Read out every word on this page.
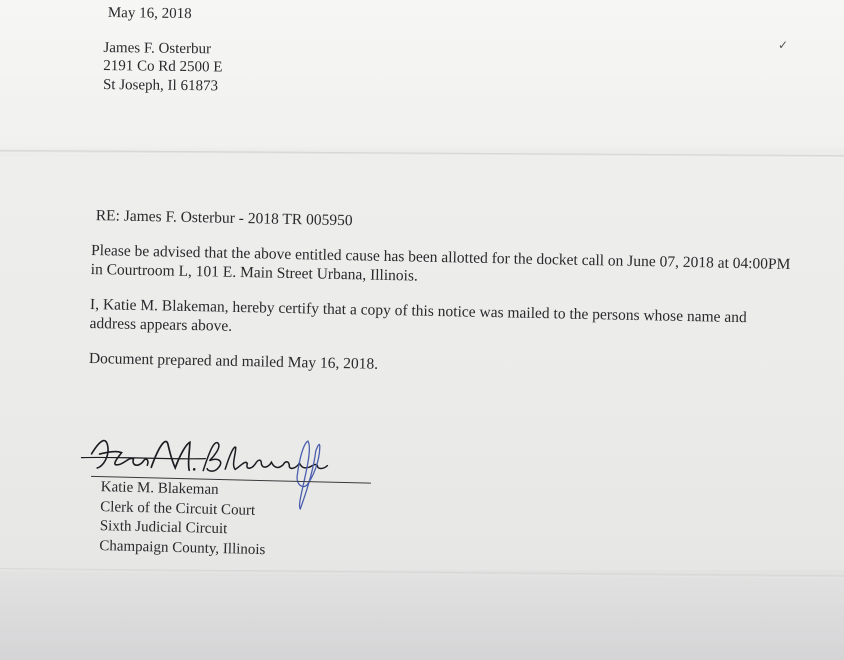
✓
May 16, 2018
James F. Osterbur
2191 Co Rd 2500 E
St Joseph, Il 61873

RE: James F. Osterbur - 2018 TR 005950

Please be advised that the above entitled cause has been allotted for the docket call on June 07, 2018 at 04:00PM in Courtroom L, 101 E. Main Street Urbana, Illinois.

I, Katie M. Blakeman, hereby certify that a copy of this notice was mailed to the persons whose name and address appears above.

Document prepared and mailed May 16, 2018.

Katie M. Blakeman
Clerk of the Circuit Court
Sixth Judicial Circuit
Champaign County, Illinois
